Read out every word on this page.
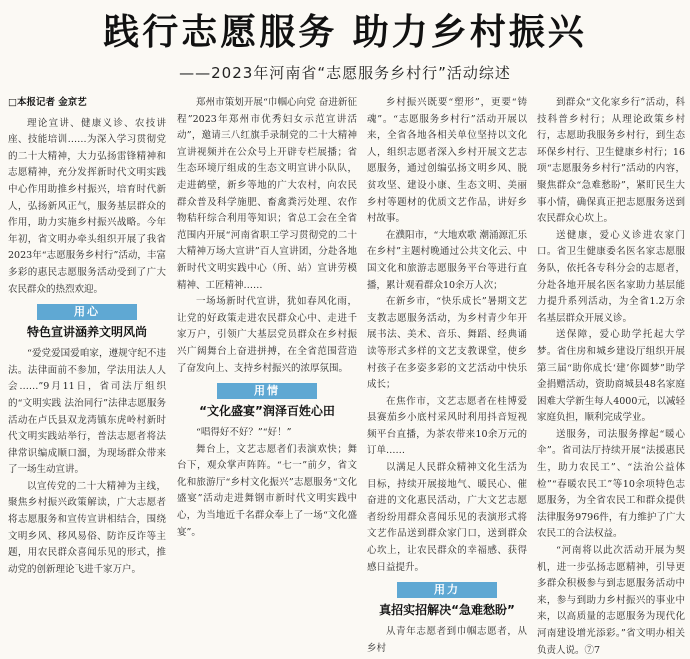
践行志愿服务 助力乡村振兴
——2023年河南省“志愿服务乡村行”活动综述
□本报记者 金京艺

理论宣讲、健康义诊、农技讲座、技能培训……为深入学习贯彻党的二十大精神，大力弘扬雷锋精神和志愿精神，充分发挥新时代文明实践中心作用助推乡村振兴，培育时代新人，弘扬新风正气，服务基层群众的作用，助力实施乡村振兴战略。今年年初，省文明办牵头组织开展了我省2023年“志愿服务乡村行”活动，丰富多彩的惠民志愿服务活动受到了广大农民群众的热烈欢迎。

用心
特色宣讲涵养文明风尚

“爱党爱国爱咱家，遵规守纪不违法。法律面前不参加，学法用法人人会……”9月11日，省司法厅组织的“文明实践 法治同行”法律志愿服务活动在卢氏县双龙湾镇东虎岭村新时代文明实践站举行，普法志愿者将法律常识编成顺口溜，为现场群众带来了一场生动宣讲。

以宣传党的二十大精神为主线，聚焦乡村振兴政策解读，广大志愿者将志愿服务和宣传宣讲相结合，围绕文明乡风、移风易俗、防诈反诈等主题，用农民群众喜闻乐见的形式，推动党的创新理论飞进千家万户。

郑州市策划开展“巾帼心向党 奋进新征程”2023年郑州市优秀妇女示范宣讲活动”，邀请三八红旗手录制党的二十大精神宣讲视频并在公众号上开辟专栏展播；省生态环境厅组成的生态文明宣讲小队队，走进鹤壁，新乡等地的广大农村，向农民群众普及科学施肥、畜禽粪污处理、农作物秸秆综合利用等知识；省总工会在全省范围内开展“河南省职工学习贯彻党的二十大精神万场大宣讲”百人宣讲团，分赴各地新时代文明实践中心（所、站）宣讲劳模精神、工匠精神……

一场场新时代宣讲，犹如春风化雨，让党的好政策走进农民群众心中、走进千家万户，引领广大基层党员群众在乡村振兴广阔舞台上奋进拼搏，在全省范围营造了奋发向上、支持乡村振兴的浓厚氛围。

用情
“文化盛宴”润泽百姓心田

“唱得好不好？”“好！”

舞台上，文艺志愿者们表演欢快；舞台下，观众掌声阵阵。“七一”前夕，省文化和旅游厅“乡村文化振兴”志愿服务“文化盛宴”活动走进舞钢市新时代文明实践中心，为当地近千名群众奉上了一场“文化盛宴”。

乡村振兴既要“塑形”，更要“铸魂”。“志愿服务乡村行”活动开展以来，全省各地各相关单位坚持以文化人，组织志愿者深入乡村开展文艺志愿服务，通过创编弘扬文明乡风、脱贫攻坚、建设小康、生态文明、美丽乡村等题材的优质文艺作品，讲好乡村故事。

在濮阳市，“大地欢歌 潮涌源汇乐在乡村”主题村晚通过公共文化云、中国文化和旅游志愿服务平台等进行直播，累计观看群众10余万人次；

在新乡市，“快乐成长”暑期文艺支教志愿服务活动，为乡村青少年开展书法、美术、音乐、舞蹈、经典诵读等形式多样的文艺支教课堂，使乡村孩子在多姿多彩的文艺活动中快乐成长；

在焦作市，文艺志愿者在桂博爱县赛茄乡小底村采风时利用抖音短视频平台直播，为茶农带来10余万元的订单……

以满足人民群众精神文化生活为目标，持续开展接地气、暖民心、催奋进的文化惠民活动，广大文艺志愿者纷纷用群众喜闻乐见的表演形式将文艺作品送到群众家门口，送到群众心坎上，让农民群众的幸福感、获得感日益提升。

用力
真招实招解决“急难愁盼”

从青年志愿者到巾帼志愿者，从乡村

到群众“文化家乡行”活动，科技科普乡村行；从理论政策乡村行，志愿助我服务乡村行，到生态环保乡村行、卫生健康乡村行；16项“志愿服务乡村行”活动的内容，聚焦群众“急难愁盼”，紧盯民生大事小情，确保真正把志愿服务送到农民群众心坎上。

送健康，爱心义诊进农家门口。省卫生健康委名医名家志愿服务队，依托各专科分会的志愿者，分赴各地开展名医名家助力基层能力提升系列活动，为全省1.2万余名基层群众开展义诊。

送保障，爱心助学托起大学梦。省住房和城乡建设厅组织开展第三届“助你成长‘建’你圆梦”助学金捐赠活动，资助商城县48名家庭困难大学新生每人4000元，以减轻家庭负担，顺利完成学业。

送服务，司法服务撑起“暖心伞”。省司法厅持续开展“法援惠民生，助力农民工”、“法治公益体检”“春暖农民工”等10余项特色志愿服务，为全省农民工和群众提供法律服务9796件，有力维护了广大农民工的合法权益。

“河南将以此次活动开展为契机，进一步弘扬志愿精神，引导更多群众积极参与到志愿服务活动中来，参与到助力乡村振兴的事业中来，以高质量的志愿服务为现代化河南建设增光添彩。”省文明办相关负责人说。⑦7
